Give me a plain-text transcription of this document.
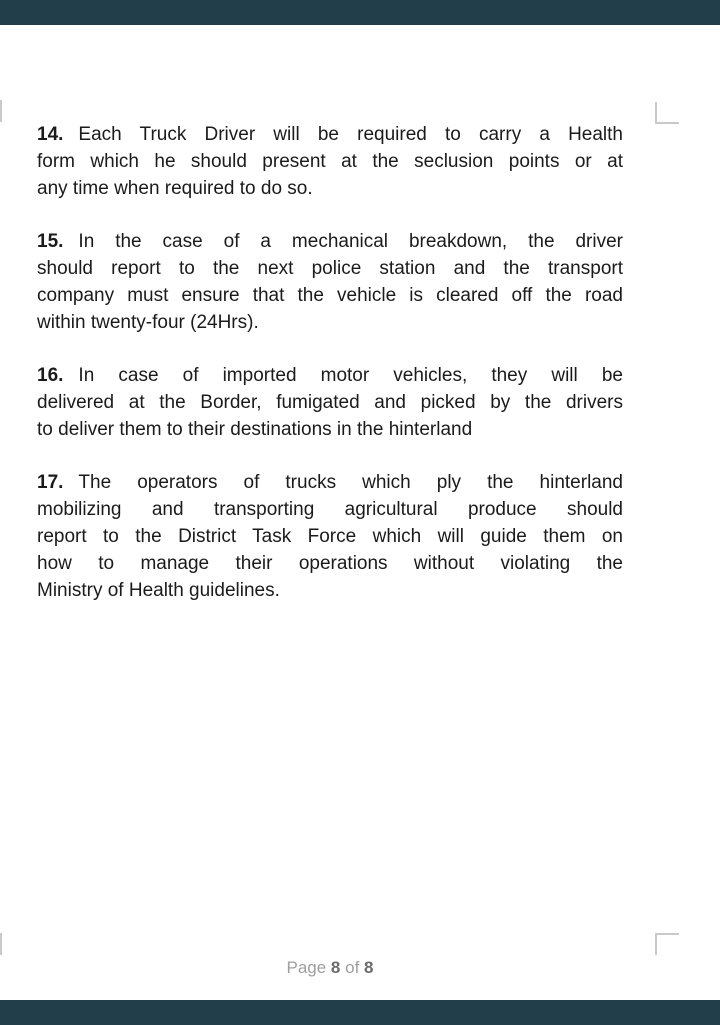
14. Each Truck Driver will be required to carry a Health
form which he should present at the seclusion points or at
any time when required to do so.
15. In the case of a mechanical breakdown, the driver
should report to the next police station and the transport
company must ensure that the vehicle is cleared off the road
within twenty-four (24Hrs).
16. In case of imported motor vehicles, they will be
delivered at the Border, fumigated and picked by the drivers
to deliver them to their destinations in the hinterland
17. The operators of trucks which ply the hinterland
mobilizing and transporting agricultural produce should
report to the District Task Force which will guide them on
how to manage their operations without violating the
Ministry of Health guidelines.
Page 8 of 8
